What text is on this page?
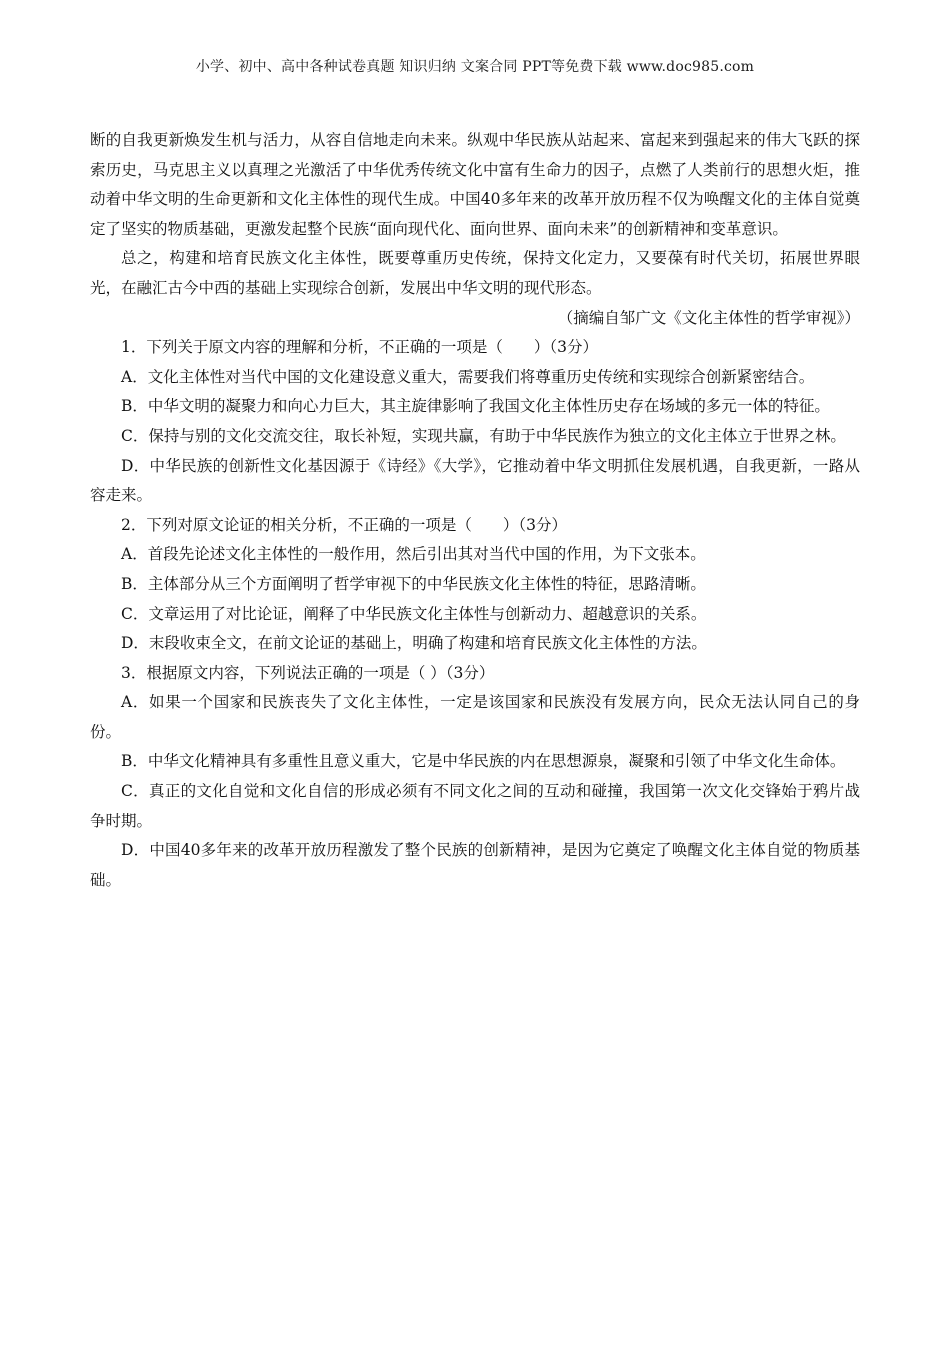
小学、初中、高中各种试卷真题 知识归纳 文案合同 PPT等免费下载 www.doc985.com

断的自我更新焕发生机与活力，从容自信地走向未来。纵观中华民族从站起来、富起来到强起来的伟大飞跃的探索历史，马克思主义以真理之光激活了中华优秀传统文化中富有生命力的因子，点燃了人类前行的思想火炬，推动着中华文明的生命更新和文化主体性的现代生成。中国40多年来的改革开放历程不仅为唤醒文化的主体自觉奠定了坚实的物质基础，更激发起整个民族“面向现代化、面向世界、面向未来”的创新精神和变革意识。

总之，构建和培育民族文化主体性，既要尊重历史传统，保持文化定力，又要葆有时代关切，拓展世界眼光，在融汇古今中西的基础上实现综合创新，发展出中华文明的现代形态。

（摘编自邹广文《文化主体性的哲学审视》）

1．下列关于原文内容的理解和分析，不正确的一项是（　　）（3分）

A．文化主体性对当代中国的文化建设意义重大，需要我们将尊重历史传统和实现综合创新紧密结合。

B．中华文明的凝聚力和向心力巨大，其主旋律影响了我国文化主体性历史存在场域的多元一体的特征。

C．保持与别的文化交流交往，取长补短，实现共赢，有助于中华民族作为独立的文化主体立于世界之林。

D．中华民族的创新性文化基因源于《诗经》《大学》，它推动着中华文明抓住发展机遇，自我更新，一路从容走来。

2．下列对原文论证的相关分析，不正确的一项是（　　）（3分）

A．首段先论述文化主体性的一般作用，然后引出其对当代中国的作用，为下文张本。

B．主体部分从三个方面阐明了哲学审视下的中华民族文化主体性的特征，思路清晰。

C．文章运用了对比论证，阐释了中华民族文化主体性与创新动力、超越意识的关系。

D．末段收束全文，在前文论证的基础上，明确了构建和培育民族文化主体性的方法。

3．根据原文内容，下列说法正确的一项是（ ）（3分）

A．如果一个国家和民族丧失了文化主体性，一定是该国家和民族没有发展方向，民众无法认同自己的身份。

B．中华文化精神具有多重性且意义重大，它是中华民族的内在思想源泉，凝聚和引领了中华文化生命体。

C．真正的文化自觉和文化自信的形成必须有不同文化之间的互动和碰撞，我国第一次文化交锋始于鸦片战争时期。

D．中国40多年来的改革开放历程激发了整个民族的创新精神，是因为它奠定了唤醒文化主体自觉的物质基础。
